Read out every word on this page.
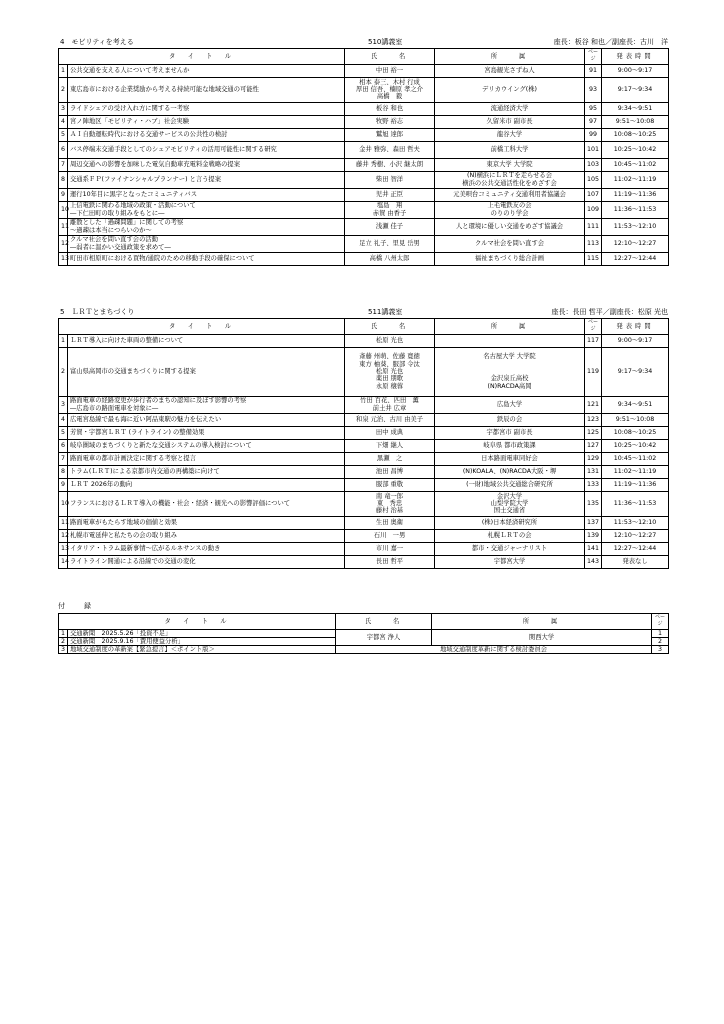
4　モビリティを考える	510講義室	座長：板谷 和也／副座長：古川　洋
タ　イ　ト　ル		氏　　名	所　　属	ページ	発表時間
1	公共交通を支える人について考えませんか	中田 裕一	宮島観光さずね人	91	9:00～9:17
2	東広島市における企業奨励から考える持続可能な地域交通の可能性	相本 泰三、木村 行成
厚田 信吾、楠原 孝之介
高橋　毅	デリカウイング(株)	93	9:17～9:34
3	ライドシェアの受け入れ方に関する一考察	板谷 和也	流通経済大学	95	9:34～9:51
4	宮ノ陣地区「モビリティ・ハブ」社会実験	牧野 裕志	久留米市 副市長	97	9:51～10:08
5	ＡＩ自動運転時代における交通サービスの公共性の検討	鷲旭 達郎	龍谷大学	99	10:08～10:25
6	バス停端末交通手段としてのシェアモビリティの活用可能性に関する研究	金井 雅弥、森田 哲夫	前橋工科大学	101	10:25～10:42
7	周辺交通への影響を加味した電気自動車充電料金戦略の提案	藤井 秀樹、小沢 継太朗	東京大学 大学院	103	10:45～11:02
8	交通系ＦＰ(ファイナンシャルプランナー) と言う提案	柴田 智洋	(N)横浜にＬＲＴを走らせる会
横浜の公共交通活性化をめざす会	105	11:02～11:19
9	運行10年目に黒字となったコミュニティバス	児井 正臣	元美唄台コミュニティ交通利用者協議会	107	11:19～11:36
10	上信電鉄に関わる地域の政策・活動について
―下仁田町の取り組みをもとに―	塩島　翔
赤賀 由香子	上毛電鉄友の会
のりのり学会	109	11:36～11:53
11	離散とした「過疎問題」に関しての考察
～過疎は本当につらいのか～	浅瀬 佳子	人と環境に優しい交通をめざす協議会	111	11:53～12:10
12	クルマ社会を問い直す会の活動
―弱者に温かい交通政策を求めて―	足立 礼子、里見 岳男	クルマ社会を問い直す会	113	12:10～12:27
13	町田市相原町における買物/通院のための移動手段の確保について	高橋 八州太郎	福祉まちづくり総合計画	115	12:27～12:44
5　ＬＲＴとまちづくり	511講義室	座長：長田 哲平／副座長：松原 光也
タ　イ　ト　ル		氏　　名	所　　属	ページ	発表時間
1	ＬＲＴ導入に向けた車両の整備について	松原 光也		117	9:00～9:17
2	富山県高岡市の交通まちづくりに関する提案	斎藤 州萌、佐藤 寛徳
東方 柚葵、服部 令汰
松原 光也
薬田 朋歌
永原 穣蓉	名古屋大学 大学院

金沢泉丘高校
(N)RACDA高岡	119	9:17～9:34
3	路面電車の経路変更が歩行者のまちの認知に及ぼす影響の考察
―広島市の路面電車を対象に―	竹田 百花、匹田　薫
前土井 広章	広島大学	121	9:34～9:51
4	広電宮島線で最も海に近い阿品東駅の魅力を伝えたい	和泉 元治、古川 由美子	鉄辰の会	123	9:51～10:08
5	芳賀・宇都宮ＬＲＴ (ライトライン) の整備効果	田中 成典	宇都宮市 副市長	125	10:08～10:25
6	岐阜圏域のまちづくりと新たな交通システムの導入検討について	下畑 継人	岐阜県 都市政策課	127	10:25～10:42
7	路面電車の都市計画決定に関する考察と提言	黒瀬　之	日本路面電車同好会	129	10:45～11:02
8	トラム(ＬＲＴ)による京都市内交通の再構築に向けて	池田 昌博	(N)KOALA、(N)RACDA大阪・堺	131	11:02～11:19
9	ＬＲＴ 2026年の動向	服部 重敬	(一財)地域公共交通総合研究所	133	11:19～11:36
10	フランスにおけるＬＲＴ導入の機能・社会・経済・観光への影響評価について	南 竜一郎
東　秀忠
藤村 治基	金沢大学
山梨学院大学
国士交通省	135	11:36～11:53
11	路面電車がもたらす地域の価値と効果	生田 奥衛	(株)日本経済研究所	137	11:53～12:10
12	札幌市電延伸と私たちの会の取り組み	石川　一男	札幌ＬＲＴの会	139	12:10～12:27
13	イタリア・トラム最新事情～広がるルネサンスの動き	市川 嘉一	都市・交通ジャーナリスト	141	12:27～12:44
14	ライトライン開通による沿線での交通の変化	長田 哲平	宇都宮大学	143	発表なし
付　録
タ　イ　ト　ル		氏　　名	所　　属	ページ
1	交通新聞　2025.5.26「投資不足」	宇都宮 浄人	関西大学	1
2	交通新聞　2025.9.16「費用便益分析」			2
3	地域交通制度の革新案【緊急提言】＜ポイント版＞	地域交通制度革新に関する検討委員会		3
